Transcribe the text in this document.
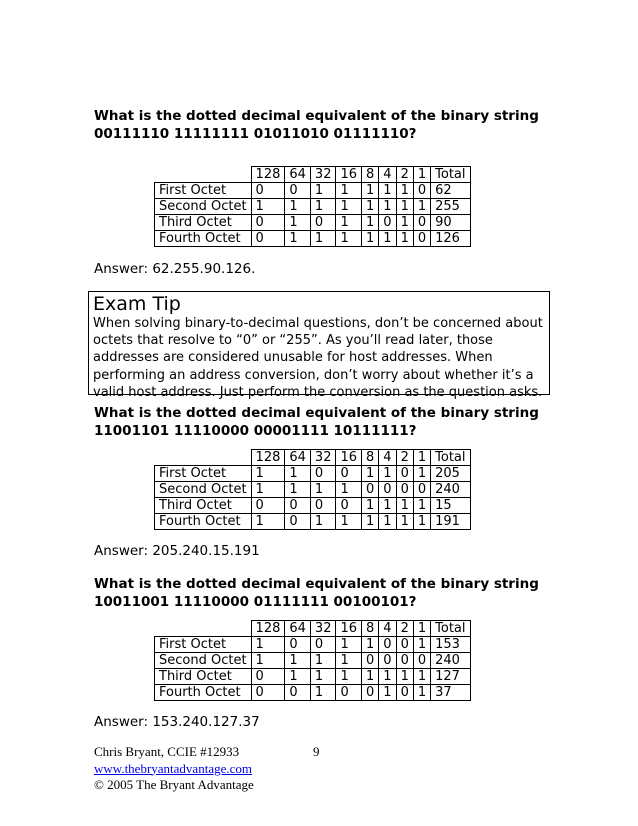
What is the dotted decimal equivalent of the binary string
00111110 11111111 01011010 01111110?
	128	64	32	16	8	4	2	1	Total
First Octet	0	0	1	1	1	1	1	0	62
Second Octet	1	1	1	1	1	1	1	1	255
Third Octet	0	1	0	1	1	0	1	0	90
Fourth Octet	0	1	1	1	1	1	1	0	126
Answer: 62.255.90.126.
Exam Tip
When solving binary-to-decimal questions, don’t be concerned about
octets that resolve to “0” or “255”. As you’ll read later, those
addresses are considered unusable for host addresses. When
performing an address conversion, don’t worry about whether it’s a
valid host address. Just perform the conversion as the question asks.
What is the dotted decimal equivalent of the binary string
11001101 11110000 00001111 10111111?
	128	64	32	16	8	4	2	1	Total
First Octet	1	1	0	0	1	1	0	1	205
Second Octet	1	1	1	1	0	0	0	0	240
Third Octet	0	0	0	0	1	1	1	1	15
Fourth Octet	1	0	1	1	1	1	1	1	191
Answer: 205.240.15.191
What is the dotted decimal equivalent of the binary string
10011001 11110000 01111111 00100101?
	128	64	32	16	8	4	2	1	Total
First Octet	1	0	0	1	1	0	0	1	153
Second Octet	1	1	1	1	0	0	0	0	240
Third Octet	0	1	1	1	1	1	1	1	127
Fourth Octet	0	0	1	0	0	1	0	1	37
Answer: 153.240.127.37
Chris Bryant, CCIE #12933
www.thebryantadvantage.com
© 2005 The Bryant Advantage
9
